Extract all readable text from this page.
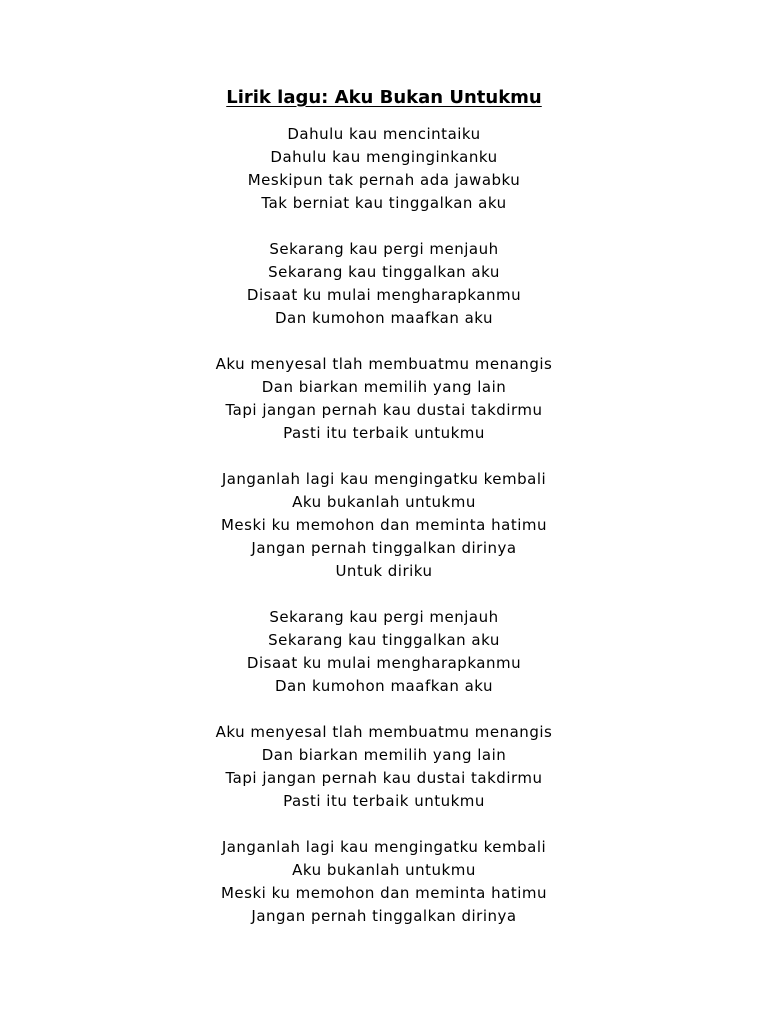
Lirik lagu: Aku Bukan Untukmu
Dahulu kau mencintaiku
Dahulu kau menginginkanku
Meskipun tak pernah ada jawabku
Tak berniat kau tinggalkan aku
Sekarang kau pergi menjauh
Sekarang kau tinggalkan aku
Disaat ku mulai mengharapkanmu
Dan kumohon maafkan aku
Aku menyesal tlah membuatmu menangis
Dan biarkan memilih yang lain
Tapi jangan pernah kau dustai takdirmu
Pasti itu terbaik untukmu
Janganlah lagi kau mengingatku kembali
Aku bukanlah untukmu
Meski ku memohon dan meminta hatimu
Jangan pernah tinggalkan dirinya
Untuk diriku
Sekarang kau pergi menjauh
Sekarang kau tinggalkan aku
Disaat ku mulai mengharapkanmu
Dan kumohon maafkan aku
Aku menyesal tlah membuatmu menangis
Dan biarkan memilih yang lain
Tapi jangan pernah kau dustai takdirmu
Pasti itu terbaik untukmu
Janganlah lagi kau mengingatku kembali
Aku bukanlah untukmu
Meski ku memohon dan meminta hatimu
Jangan pernah tinggalkan dirinya
